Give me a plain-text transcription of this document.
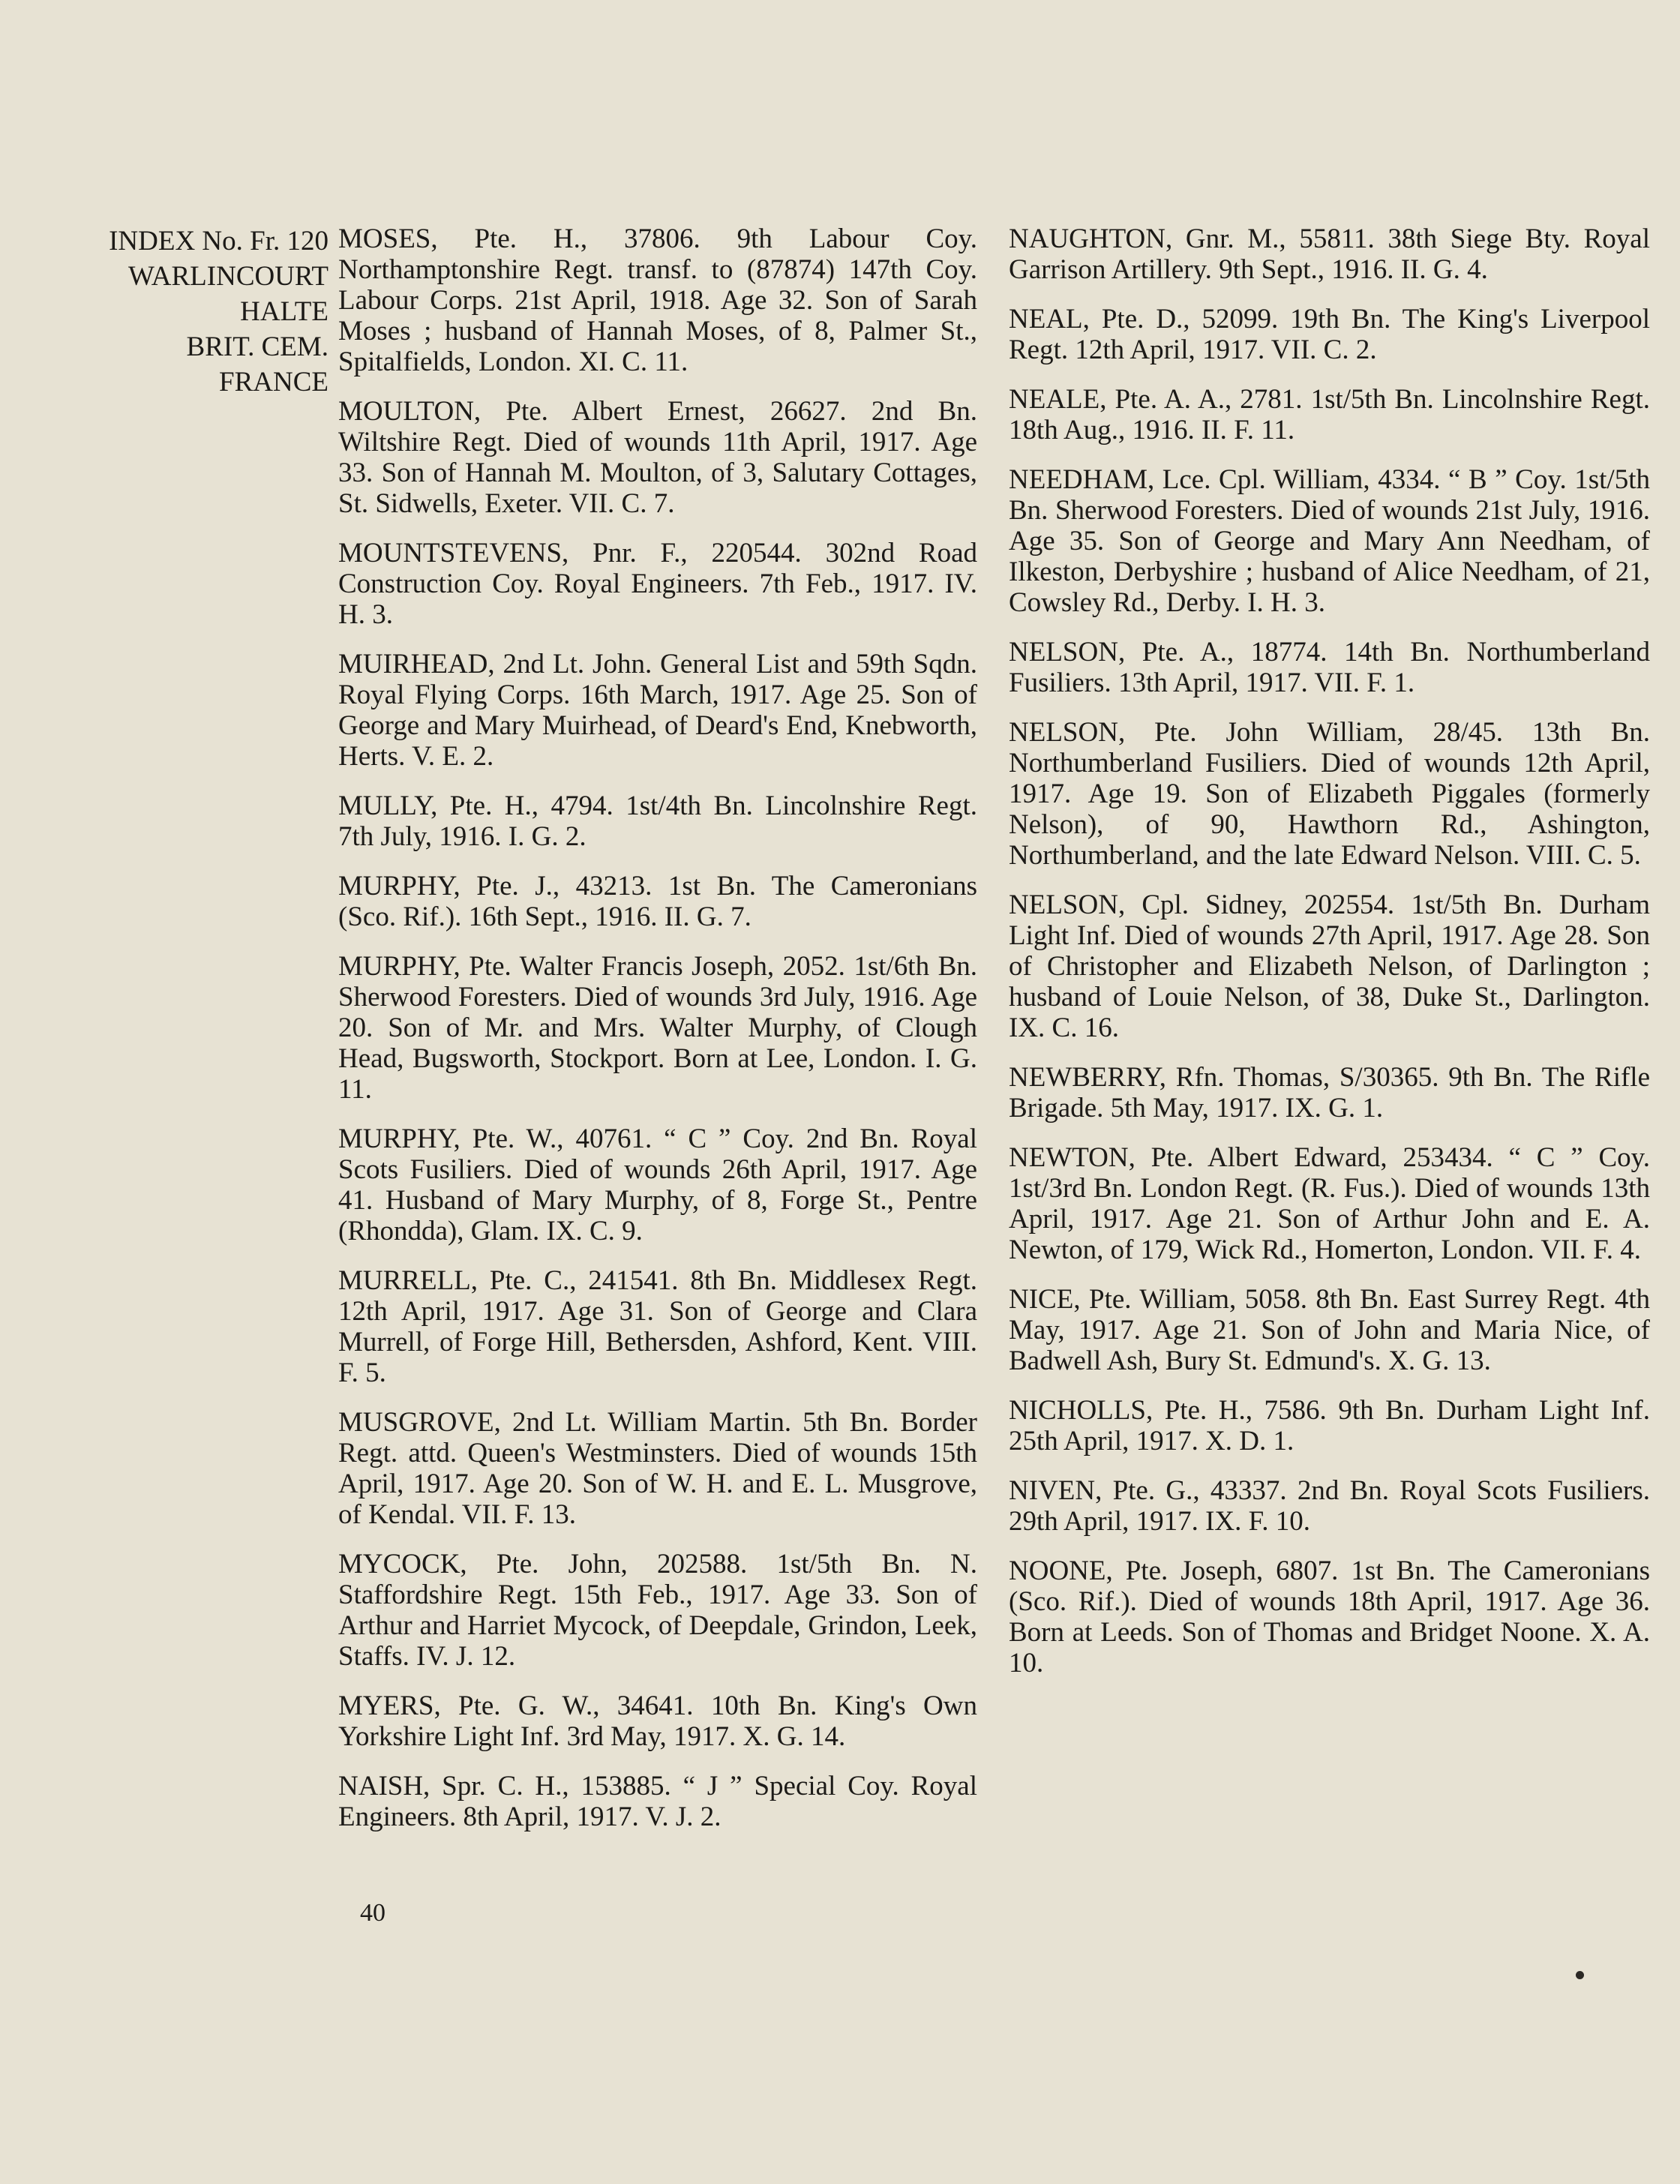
INDEX No. Fr. 120
WARLINCOURT
HALTE
BRIT. CEM.
FRANCE

MOSES, Pte. H., 37806. 9th Labour Coy. Northamptonshire Regt. transf. to (87874) 147th Coy. Labour Corps. 21st April, 1918. Age 32. Son of Sarah Moses ; husband of Hannah Moses, of 8, Palmer St., Spitalfields, London. XI. C. 11.

MOULTON, Pte. Albert Ernest, 26627. 2nd Bn. Wiltshire Regt. Died of wounds 11th April, 1917. Age 33. Son of Hannah M. Moulton, of 3, Salutary Cottages, St. Sidwells, Exeter. VII. C. 7.

MOUNTSTEVENS, Pnr. F., 220544. 302nd Road Construction Coy. Royal Engineers. 7th Feb., 1917. IV. H. 3.

MUIRHEAD, 2nd Lt. John. General List and 59th Sqdn. Royal Flying Corps. 16th March, 1917. Age 25. Son of George and Mary Muirhead, of Deard's End, Knebworth, Herts. V. E. 2.

MULLY, Pte. H., 4794. 1st/4th Bn. Lincolnshire Regt. 7th July, 1916. I. G. 2.

MURPHY, Pte. J., 43213. 1st Bn. The Cameronians (Sco. Rif.). 16th Sept., 1916. II. G. 7.

MURPHY, Pte. Walter Francis Joseph, 2052. 1st/6th Bn. Sherwood Foresters. Died of wounds 3rd July, 1916. Age 20. Son of Mr. and Mrs. Walter Murphy, of Clough Head, Bugsworth, Stockport. Born at Lee, London. I. G. 11.

MURPHY, Pte. W., 40761. “ C ” Coy. 2nd Bn. Royal Scots Fusiliers. Died of wounds 26th April, 1917. Age 41. Husband of Mary Murphy, of 8, Forge St., Pentre (Rhondda), Glam. IX. C. 9.

MURRELL, Pte. C., 241541. 8th Bn. Middlesex Regt. 12th April, 1917. Age 31. Son of George and Clara Murrell, of Forge Hill, Bethersden, Ashford, Kent. VIII. F. 5.

MUSGROVE, 2nd Lt. William Martin. 5th Bn. Border Regt. attd. Queen's Westminsters. Died of wounds 15th April, 1917. Age 20. Son of W. H. and E. L. Musgrove, of Kendal. VII. F. 13.

MYCOCK, Pte. John, 202588. 1st/5th Bn. N. Staffordshire Regt. 15th Feb., 1917. Age 33. Son of Arthur and Harriet Mycock, of Deepdale, Grindon, Leek, Staffs. IV. J. 12.

MYERS, Pte. G. W., 34641. 10th Bn. King's Own Yorkshire Light Inf. 3rd May, 1917. X. G. 14.

NAISH, Spr. C. H., 153885. “ J ” Special Coy. Royal Engineers. 8th April, 1917. V. J. 2.

NAUGHTON, Gnr. M., 55811. 38th Siege Bty. Royal Garrison Artillery. 9th Sept., 1916. II. G. 4.

NEAL, Pte. D., 52099. 19th Bn. The King's Liverpool Regt. 12th April, 1917. VII. C. 2.

NEALE, Pte. A. A., 2781. 1st/5th Bn. Lincolnshire Regt. 18th Aug., 1916. II. F. 11.

NEEDHAM, Lce. Cpl. William, 4334. “ B ” Coy. 1st/5th Bn. Sherwood Foresters. Died of wounds 21st July, 1916. Age 35. Son of George and Mary Ann Needham, of Ilkeston, Derbyshire ; husband of Alice Needham, of 21, Cowsley Rd., Derby. I. H. 3.

NELSON, Pte. A., 18774. 14th Bn. Northumberland Fusiliers. 13th April, 1917. VII. F. 1.

NELSON, Pte. John William, 28/45. 13th Bn. Northumberland Fusiliers. Died of wounds 12th April, 1917. Age 19. Son of Elizabeth Piggales (formerly Nelson), of 90, Hawthorn Rd., Ashington, Northumberland, and the late Edward Nelson. VIII. C. 5.

NELSON, Cpl. Sidney, 202554. 1st/5th Bn. Durham Light Inf. Died of wounds 27th April, 1917. Age 28. Son of Christopher and Elizabeth Nelson, of Darlington ; husband of Louie Nelson, of 38, Duke St., Darlington. IX. C. 16.

NEWBERRY, Rfn. Thomas, S/30365. 9th Bn. The Rifle Brigade. 5th May, 1917. IX. G. 1.

NEWTON, Pte. Albert Edward, 253434. “ C ” Coy. 1st/3rd Bn. London Regt. (R. Fus.). Died of wounds 13th April, 1917. Age 21. Son of Arthur John and E. A. Newton, of 179, Wick Rd., Homerton, London. VII. F. 4.

NICE, Pte. William, 5058. 8th Bn. East Surrey Regt. 4th May, 1917. Age 21. Son of John and Maria Nice, of Badwell Ash, Bury St. Edmund's. X. G. 13.

NICHOLLS, Pte. H., 7586. 9th Bn. Durham Light Inf. 25th April, 1917. X. D. 1.

NIVEN, Pte. G., 43337. 2nd Bn. Royal Scots Fusiliers. 29th April, 1917. IX. F. 10.

NOONE, Pte. Joseph, 6807. 1st Bn. The Cameronians (Sco. Rif.). Died of wounds 18th April, 1917. Age 36. Born at Leeds. Son of Thomas and Bridget Noone. X. A. 10.

40
